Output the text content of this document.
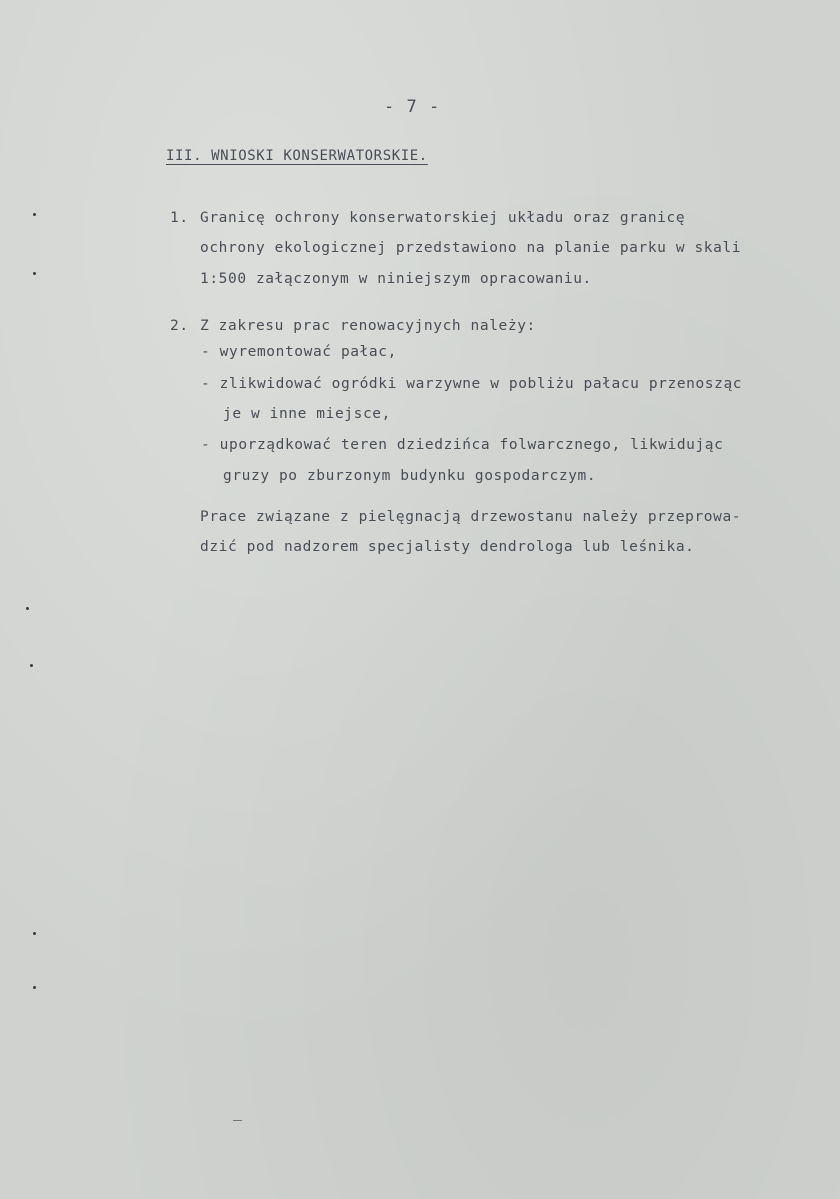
- 7 -
III. WNIOSKI KONSERWATORSKIE.
1. Granicę ochrony konserwatorskiej układu oraz granicę
ochrony ekologicznej przedstawiono na planie parku w skali
1:500 załączonym w niniejszym opracowaniu.
2. Z zakresu prac renowacyjnych należy:
- wyremontować pałac,
- zlikwidować ogródki warzywne w pobliżu pałacu przenosząc
je w inne miejsce,
- uporządkować teren dziedzińca folwarcznego, likwidując
gruzy po zburzonym budynku gospodarczym.
Prace związane z pielęgnacją drzewostanu należy przeprowa-
dzić pod nadzorem specjalisty dendrologa lub leśnika.
